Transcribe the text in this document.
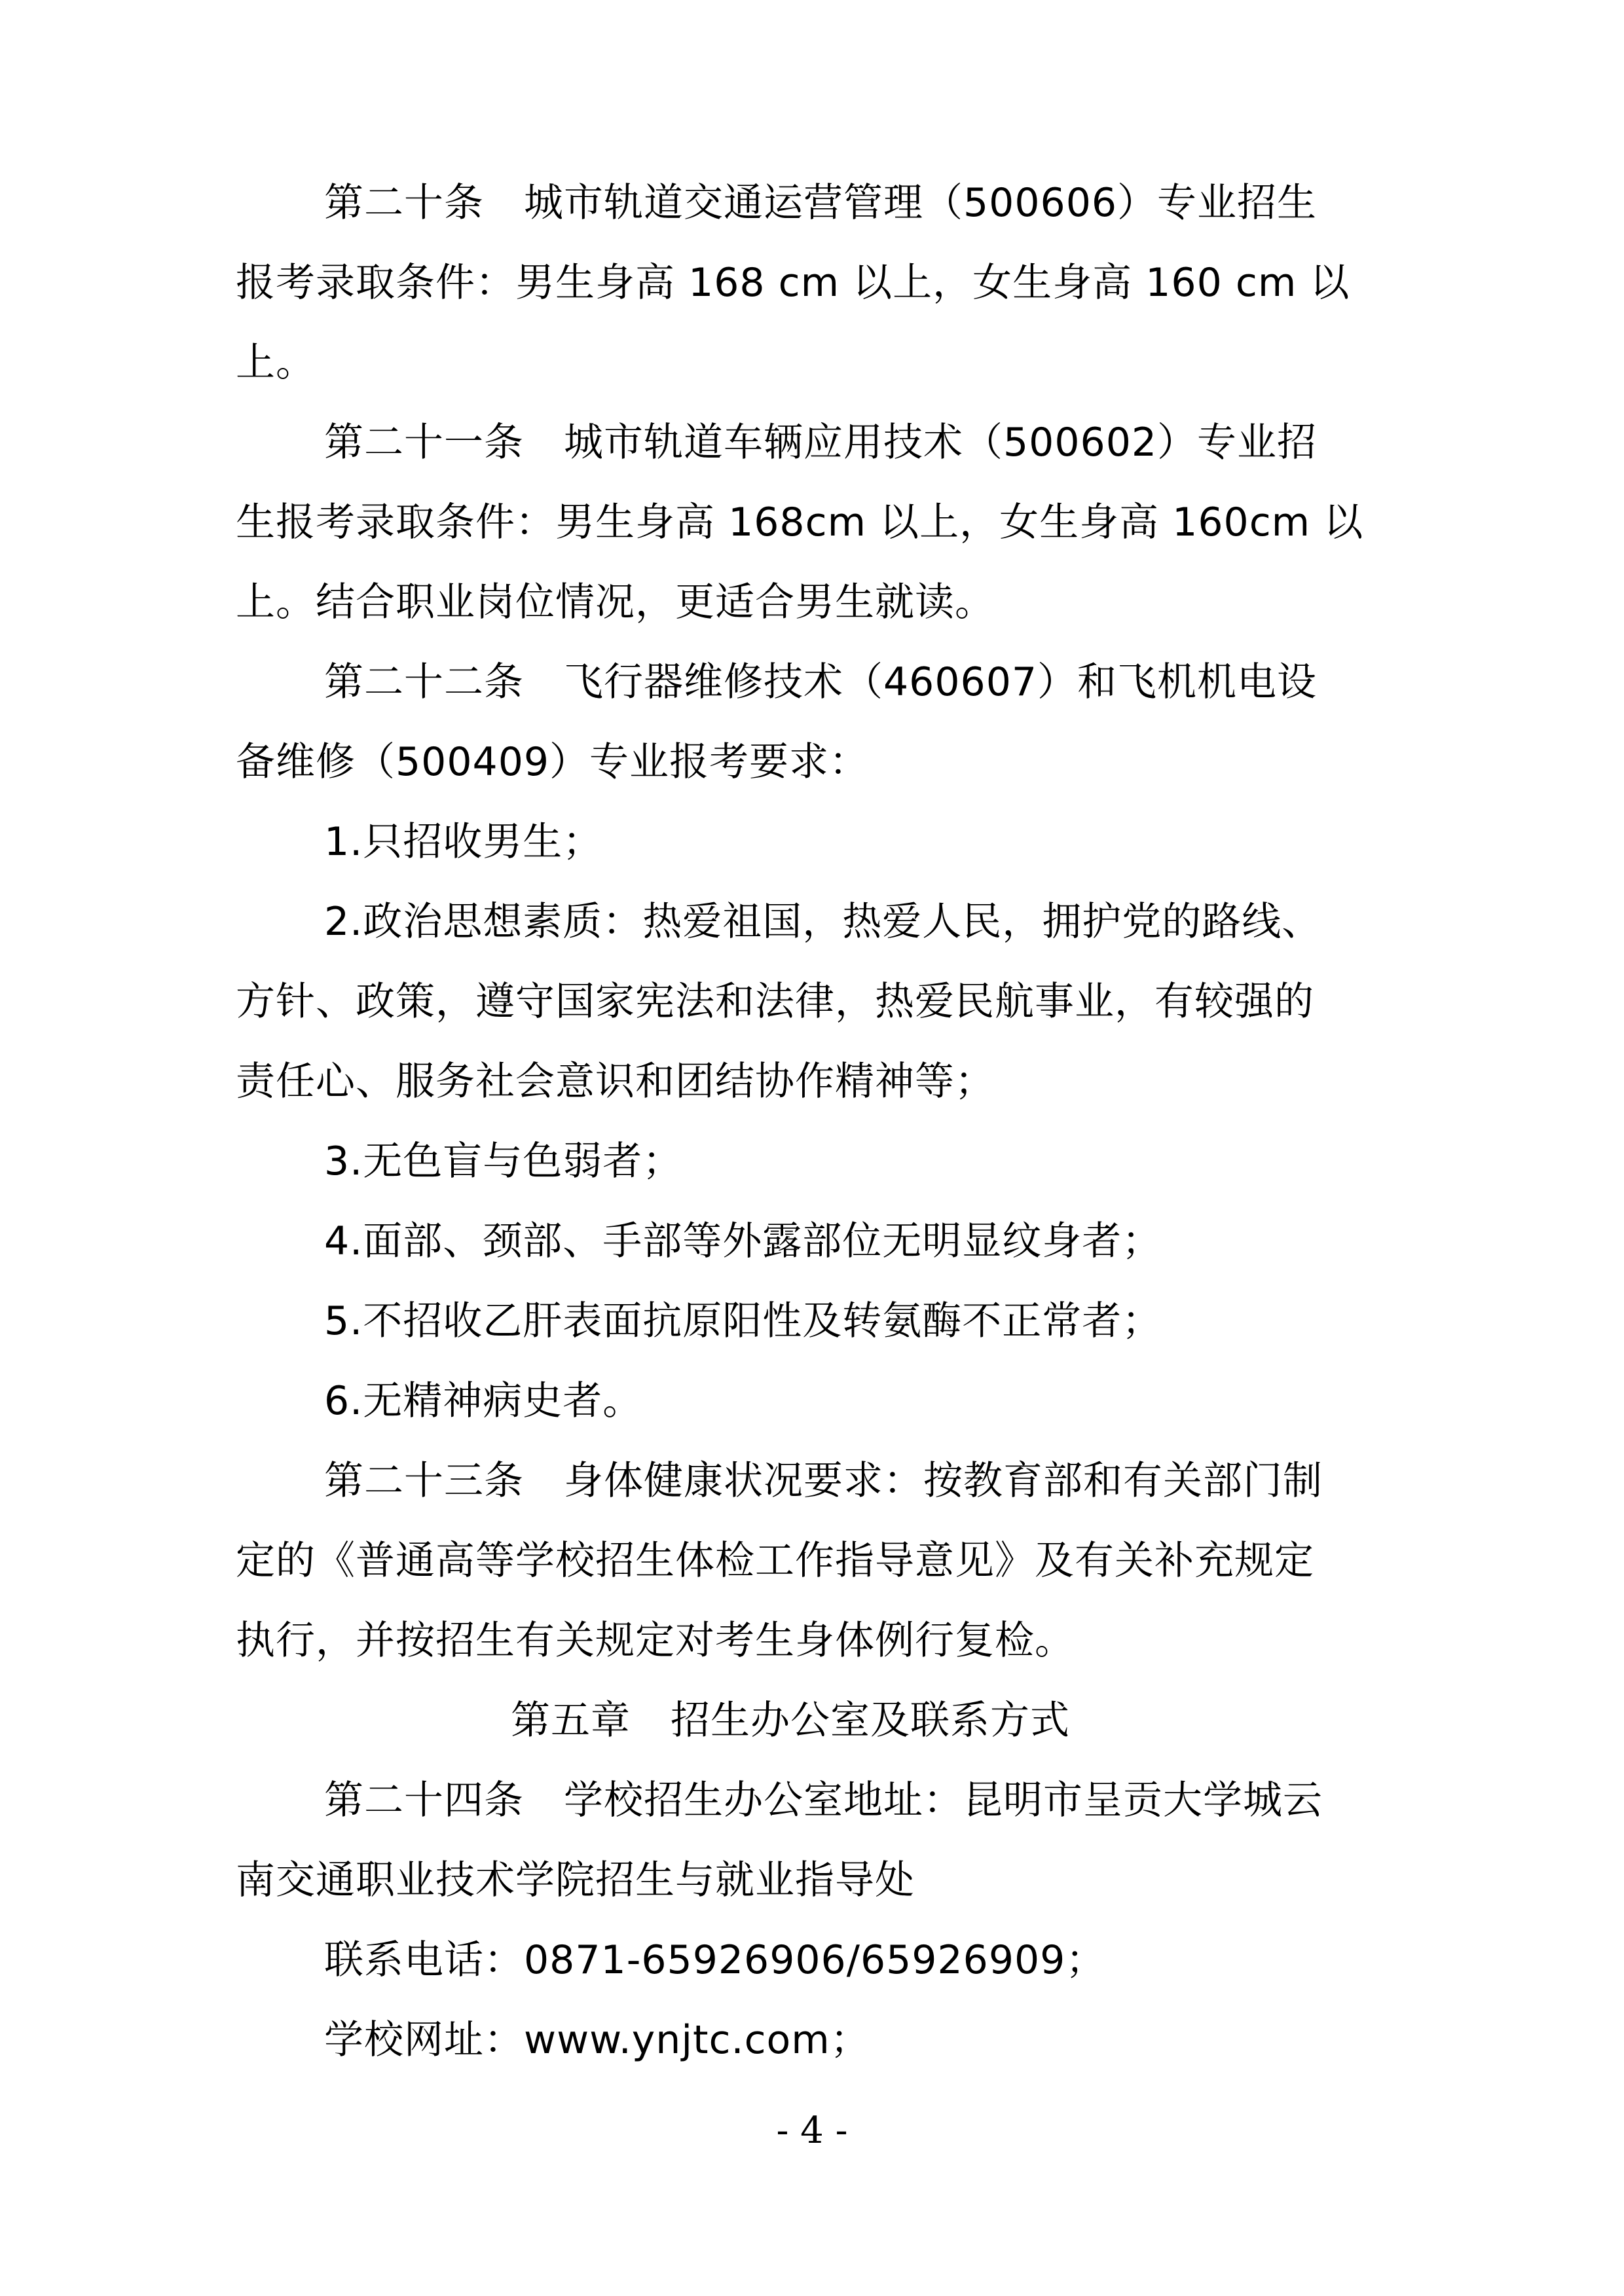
第二十条　城市轨道交通运营管理（500606）专业招生
报考录取条件：男生身高 168 cm 以上，女生身高 160 cm 以
上。
第二十一条　城市轨道车辆应用技术（500602）专业招
生报考录取条件：男生身高 168cm 以上，女生身高 160cm 以
上。结合职业岗位情况，更适合男生就读。
第二十二条　飞行器维修技术（460607）和飞机机电设
备维修（500409）专业报考要求：
1.只招收男生；
2.政治思想素质：热爱祖国，热爱人民，拥护党的路线、
方针、政策，遵守国家宪法和法律，热爱民航事业，有较强的
责任心、服务社会意识和团结协作精神等；
3.无色盲与色弱者；
4.面部、颈部、手部等外露部位无明显纹身者；
5.不招收乙肝表面抗原阳性及转氨酶不正常者；
6.无精神病史者。
第二十三条　身体健康状况要求：按教育部和有关部门制
定的《普通高等学校招生体检工作指导意见》及有关补充规定
执行，并按招生有关规定对考生身体例行复检。
第五章　招生办公室及联系方式
第二十四条　学校招生办公室地址：昆明市呈贡大学城云
南交通职业技术学院招生与就业指导处
联系电话：0871-65926906/65926909；
学校网址：www.ynjtc.com；
- 4 -
